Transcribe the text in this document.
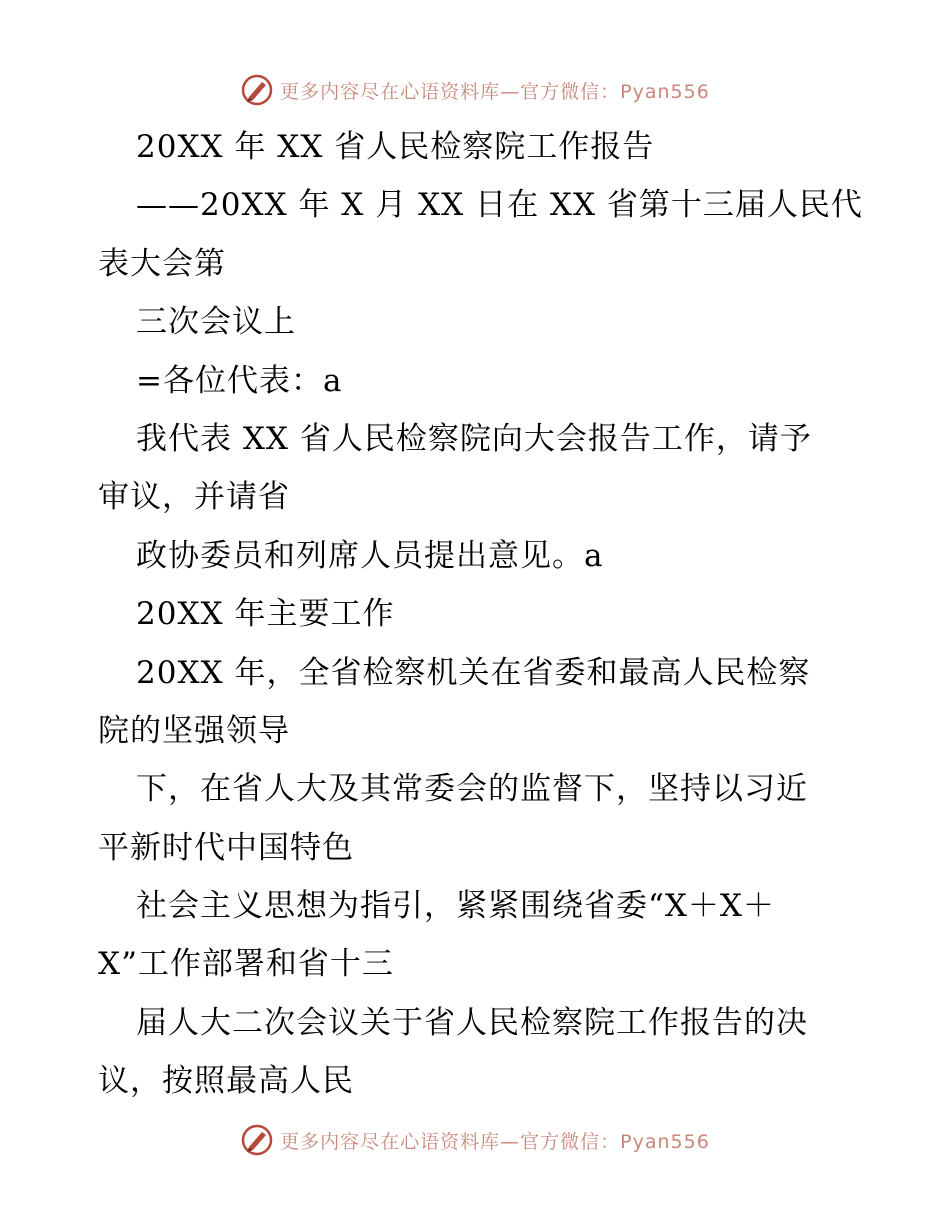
更多内容尽在心语资料库—官方微信：Pyan556
20XX 年 XX 省人民检察院工作报告
——20XX 年 X 月 XX 日在 XX 省第十三届人民代
表大会第
三次会议上
=各位代表：a
我代表 XX 省人民检察院向大会报告工作，请予
审议，并请省
政协委员和列席人员提出意见。a
20XX 年主要工作
20XX 年，全省检察机关在省委和最高人民检察
院的坚强领导
下，在省人大及其常委会的监督下，坚持以习近
平新时代中国特色
社会主义思想为指引，紧紧围绕省委“X＋X＋
X”工作部署和省十三
届人大二次会议关于省人民检察院工作报告的决
议，按照最高人民
更多内容尽在心语资料库—官方微信：Pyan556
